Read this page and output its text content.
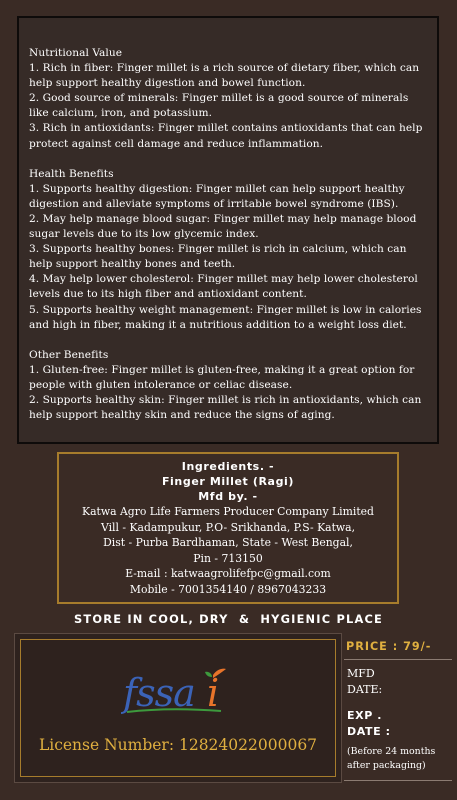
Nutritional Value
1. Rich in fiber: Finger millet is a rich source of dietary fiber, which can
help support healthy digestion and bowel function.
2. Good source of minerals: Finger millet is a good source of minerals
like calcium, iron, and potassium.
3. Rich in antioxidants: Finger millet contains antioxidants that can help
protect against cell damage and reduce inflammation.
Health Benefits
1. Supports healthy digestion: Finger millet can help support healthy
digestion and alleviate symptoms of irritable bowel syndrome (IBS).
2. May help manage blood sugar: Finger millet may help manage blood
sugar levels due to its low glycemic index.
3. Supports healthy bones: Finger millet is rich in calcium, which can
help support healthy bones and teeth.
4. May help lower cholesterol: Finger millet may help lower cholesterol
levels due to its high fiber and antioxidant content.
5. Supports healthy weight management: Finger millet is low in calories
and high in fiber, making it a nutritious addition to a weight loss diet.
Other Benefits
1. Gluten-free: Finger millet is gluten-free, making it a great option for
people with gluten intolerance or celiac disease.
2. Supports healthy skin: Finger millet is rich in antioxidants, which can
help support healthy skin and reduce the signs of aging.
Ingredients. -
Finger Millet (Ragi)
Mfd by. -
Katwa Agro Life Farmers Producer Company Limited
Vill - Kadampukur, P.O- Srikhanda, P.S- Katwa,
Dist - Purba Bardhaman, State - West Bengal,
Pin - 713150
E-mail : katwaagrolifefpc@gmail.com
Mobile - 7001354140 / 8967043233
STORE IN COOL, DRY  &  HYGIENIC PLACE
fssa i
License Number: 12824022000067
PRICE : 79/-
MFD
DATE:
EXP .
DATE :
(Before 24 months
after packaging)
